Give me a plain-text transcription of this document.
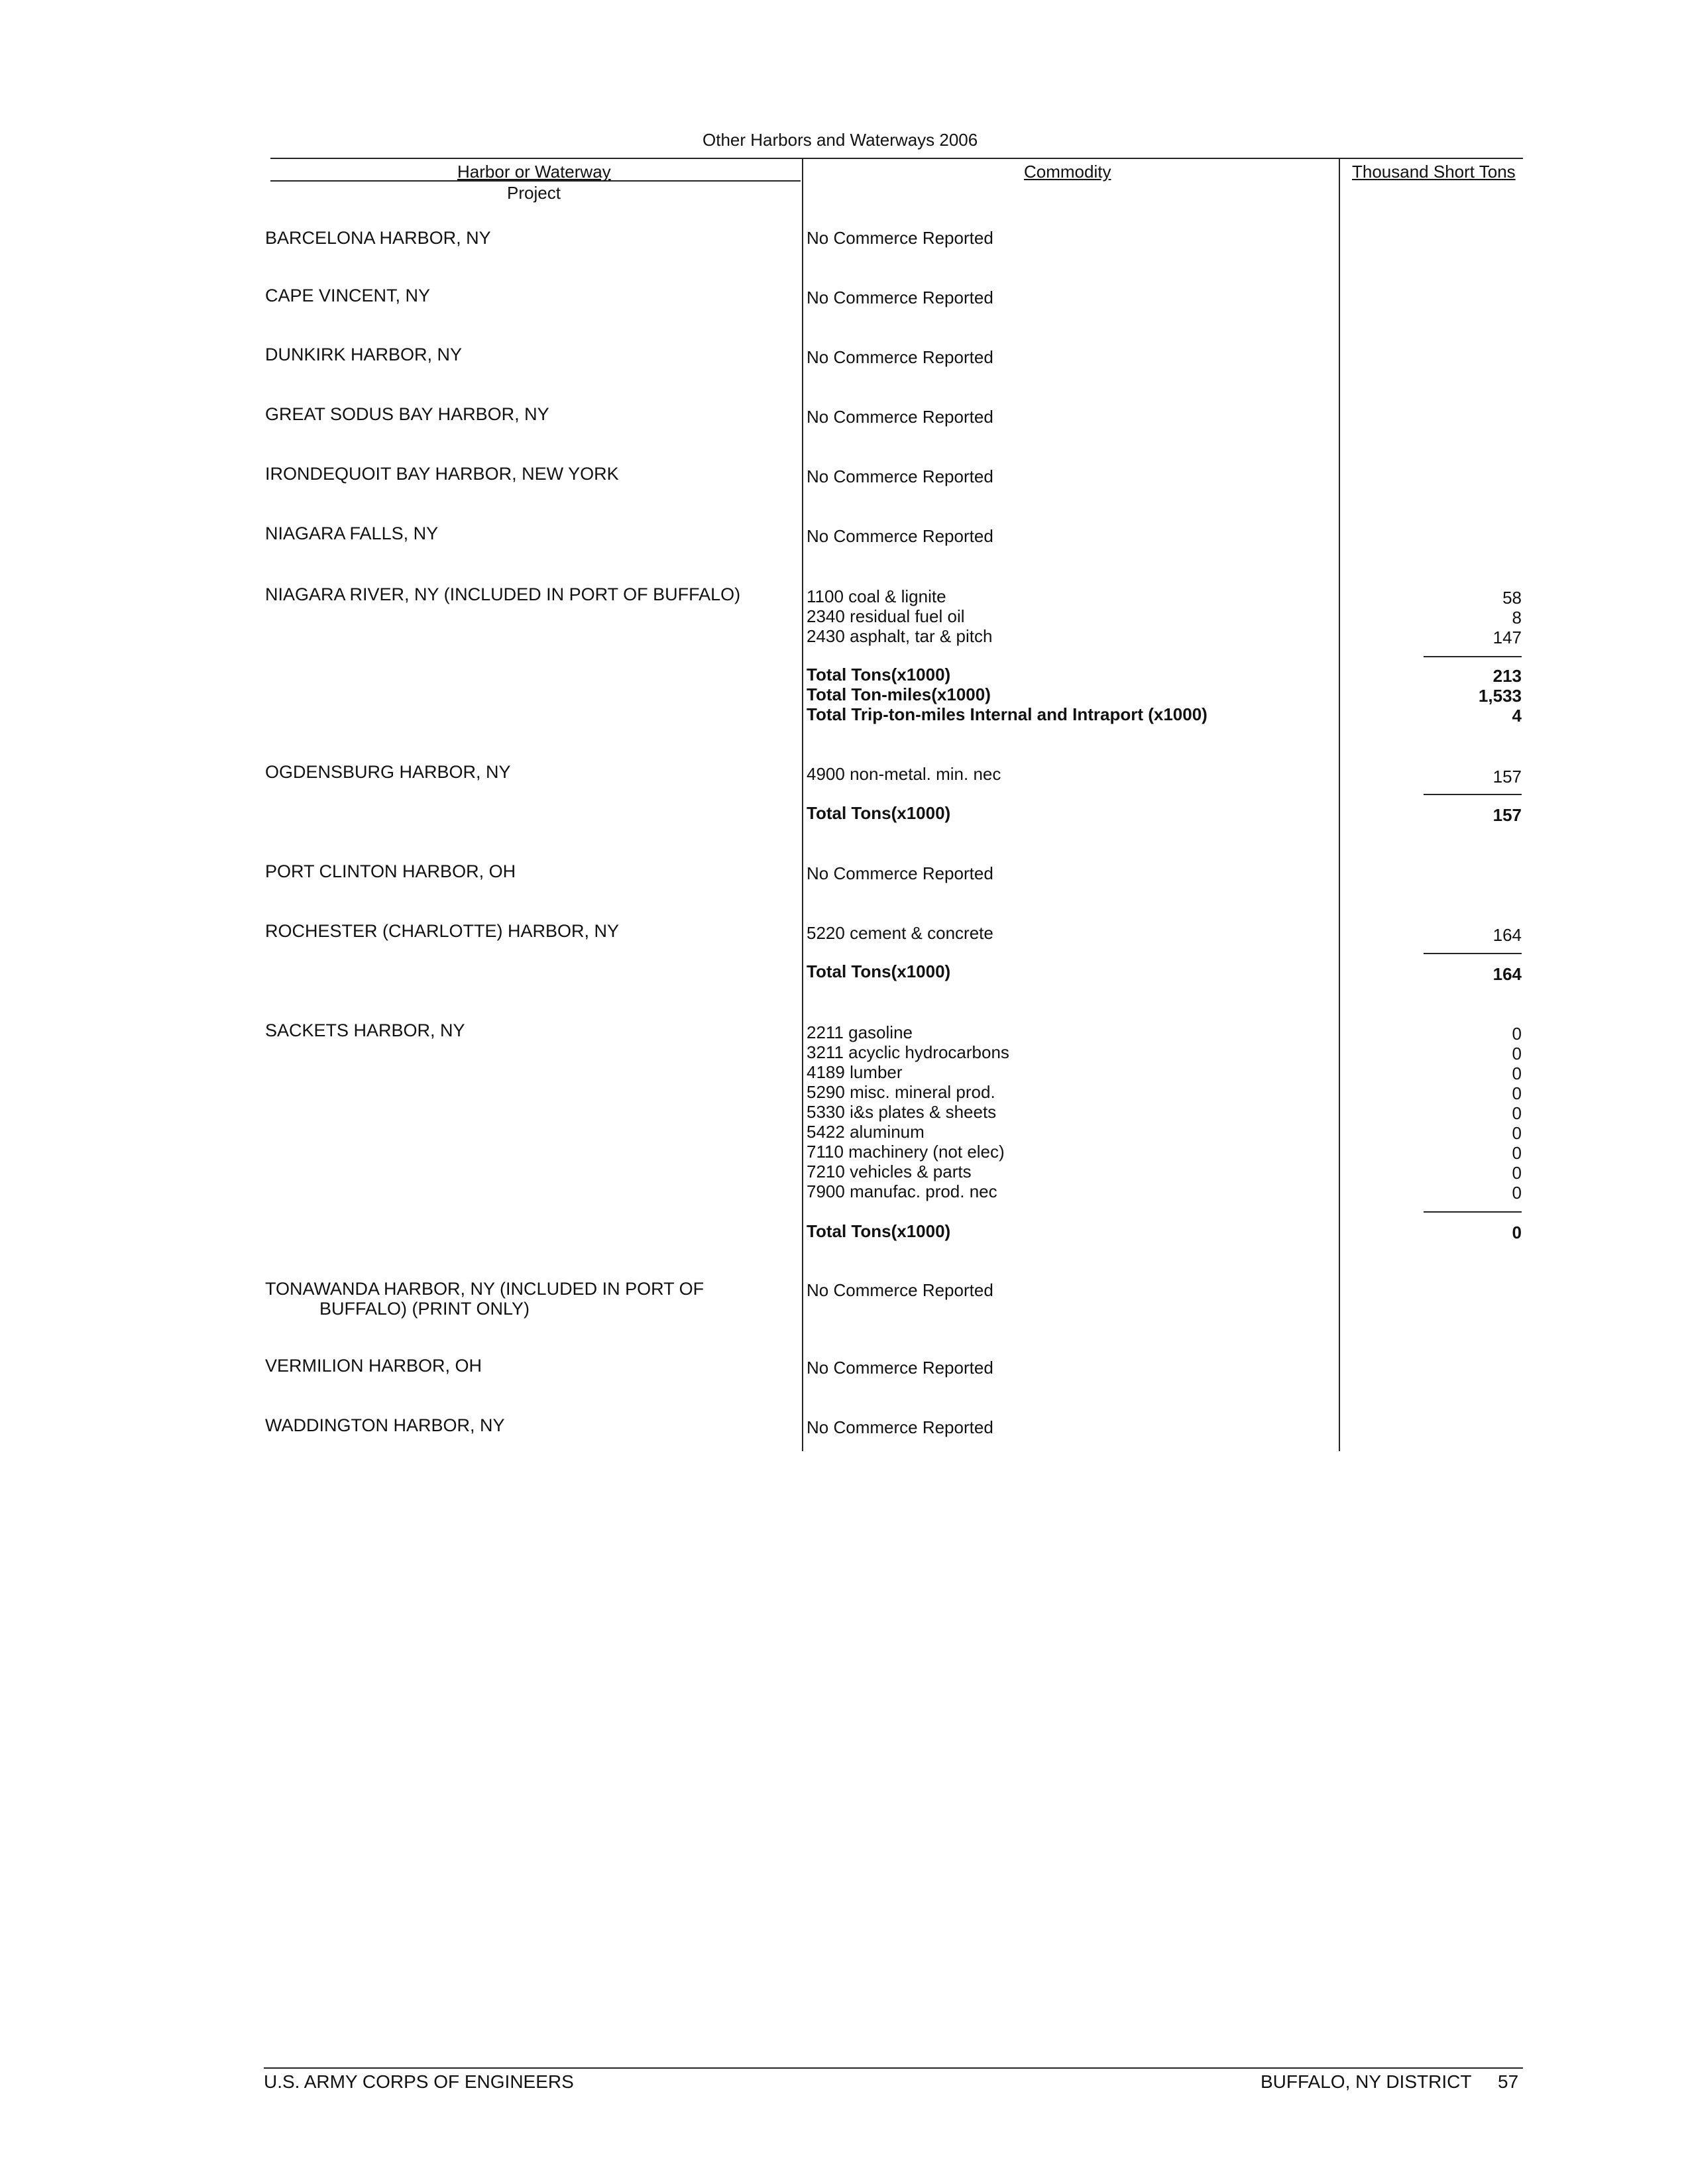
Other Harbors and Waterways 2006
Harbor or Waterway
Project
Commodity	Thousand Short Tons
BARCELONA HARBOR, NY	No Commerce Reported
CAPE VINCENT, NY	No Commerce Reported
DUNKIRK HARBOR, NY	No Commerce Reported
GREAT SODUS BAY HARBOR, NY	No Commerce Reported
IRONDEQUOIT BAY HARBOR, NEW YORK	No Commerce Reported
NIAGARA FALLS, NY	No Commerce Reported
NIAGARA RIVER, NY (INCLUDED IN PORT OF BUFFALO)	1100 coal & lignite	58
2340 residual fuel oil	8
2430 asphalt, tar & pitch	147
Total Tons(x1000)	213
Total Ton-miles(x1000)	1,533
Total Trip-ton-miles Internal and Intraport (x1000)	4
OGDENSBURG HARBOR, NY	4900 non-metal. min. nec	157
Total Tons(x1000)	157
PORT CLINTON HARBOR, OH	No Commerce Reported
ROCHESTER (CHARLOTTE) HARBOR, NY	5220 cement & concrete	164
Total Tons(x1000)	164
SACKETS HARBOR, NY	2211 gasoline	0
3211 acyclic hydrocarbons	0
4189 lumber	0
5290 misc. mineral prod.	0
5330 i&s plates & sheets	0
5422 aluminum	0
7110 machinery (not elec)	0
7210 vehicles & parts	0
7900 manufac. prod. nec	0
Total Tons(x1000)	0
TONAWANDA HARBOR, NY (INCLUDED IN PORT OF
BUFFALO) (PRINT ONLY)
No Commerce Reported
VERMILION HARBOR, OH	No Commerce Reported
WADDINGTON HARBOR, NY	No Commerce Reported
U.S. ARMY CORPS OF ENGINEERS	BUFFALO, NY DISTRICT 57
